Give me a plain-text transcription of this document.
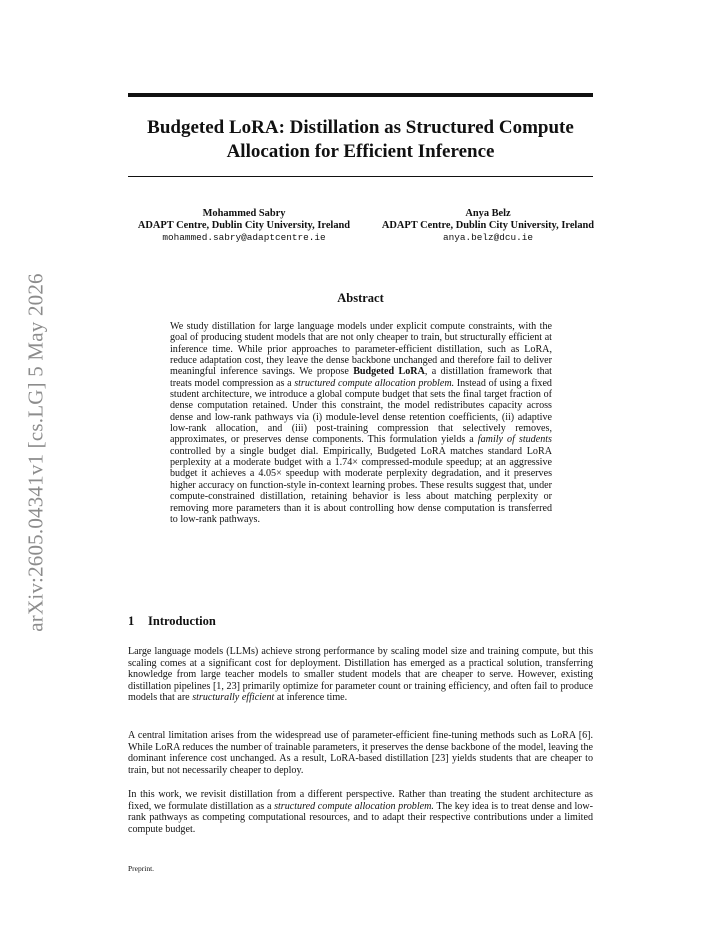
arXiv:2605.04341v1 [cs.LG] 5 May 2026
Budgeted LoRA: Distillation as Structured Compute Allocation for Efficient Inference
Mohammed Sabry
ADAPT Centre, Dublin City University, Ireland
mohammed.sabry@adaptcentre.ie
Anya Belz
ADAPT Centre, Dublin City University, Ireland
anya.belz@dcu.ie
Abstract

We study distillation for large language models under explicit compute constraints, with the goal of producing student models that are not only cheaper to train, but structurally efficient at inference time. While prior approaches to parameter-efficient distillation, such as LoRA, reduce adaptation cost, they leave the dense backbone unchanged and therefore fail to deliver meaningful inference savings. We propose Budgeted LoRA, a distillation framework that treats model compression as a structured compute allocation problem. Instead of using a fixed student architecture, we introduce a global compute budget that sets the final target fraction of dense computation retained. Under this constraint, the model redistributes capacity across dense and low-rank pathways via (i) module-level dense retention coefficients, (ii) adaptive low-rank allocation, and (iii) post-training compression that selectively removes, approximates, or preserves dense components. This formulation yields a family of students controlled by a single budget dial. Empirically, Budgeted LoRA matches standard LoRA perplexity at a moderate budget with a 1.74× compressed-module speedup; at an aggressive budget it achieves a 4.05× speedup with moderate perplexity degradation, and it preserves higher accuracy on function-style in-context learning probes. These results suggest that, under compute-constrained distillation, retaining behavior is less about matching perplexity or removing more parameters than it is about controlling how dense computation is transferred to low-rank pathways.

1 Introduction

Large language models (LLMs) achieve strong performance by scaling model size and training compute, but this scaling comes at a significant cost for deployment. Distillation has emerged as a practical solution, transferring knowledge from large teacher models to smaller student models that are cheaper to serve. However, existing distillation pipelines [1, 23] primarily optimize for parameter count or training efficiency, and often fail to produce models that are structurally efficient at inference time.

A central limitation arises from the widespread use of parameter-efficient fine-tuning methods such as LoRA [6]. While LoRA reduces the number of trainable parameters, it preserves the dense backbone of the model, leaving the dominant inference cost unchanged. As a result, LoRA-based distillation [23] yields students that are cheaper to train, but not necessarily cheaper to deploy.

In this work, we revisit distillation from a different perspective. Rather than treating the student architecture as fixed, we formulate distillation as a structured compute allocation problem. The key idea is to treat dense and low-rank pathways as competing computational resources, and to adapt their respective contributions under a limited compute budget.

Preprint.
